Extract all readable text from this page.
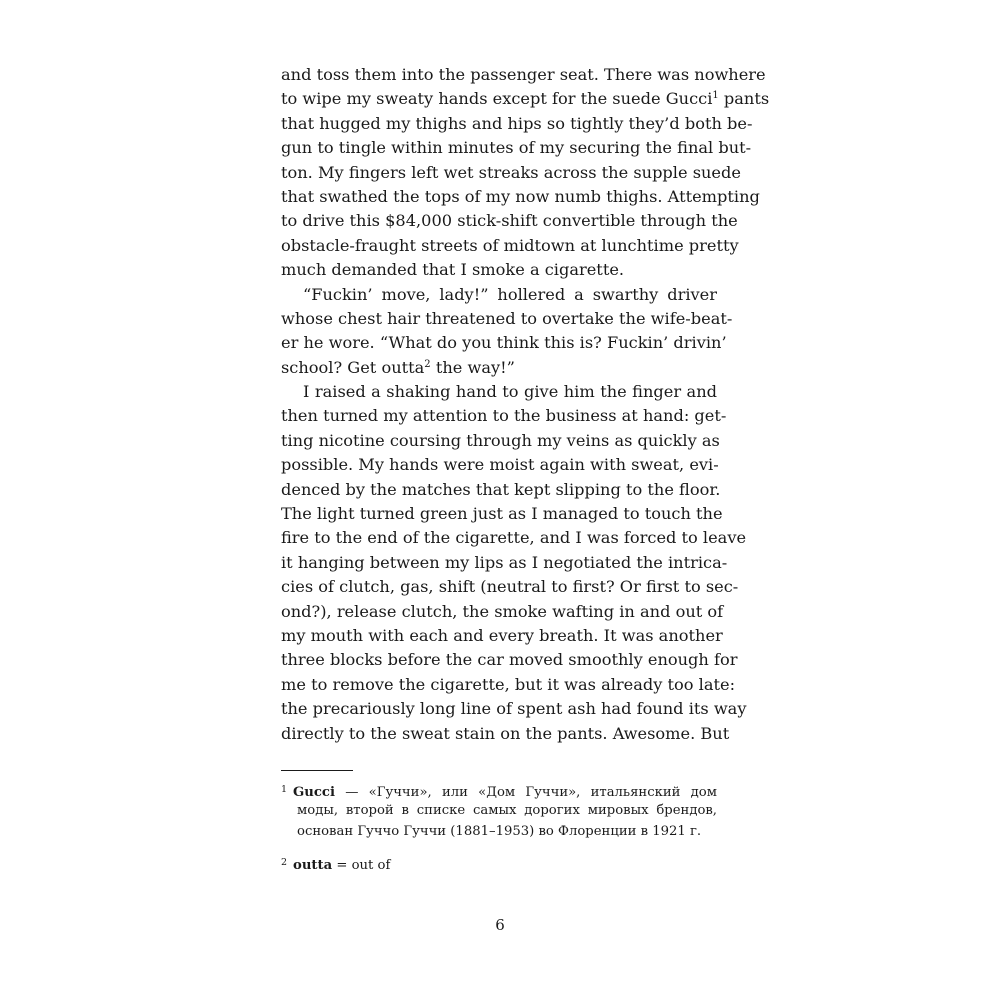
and toss them into the passenger seat. There was nowhere
to wipe my sweaty hands except for the suede Gucci$^1$ pants
that hugged my thighs and hips so tightly they’d both be-
gun to tingle within minutes of my securing the final but-
ton. My fingers left wet streaks across the supple suede
that swathed the tops of my now numb thighs. Attempting
to drive this $84,000 stick-shift convertible through the
obstacle-fraught streets of midtown at lunchtime pretty
much demanded that I smoke a cigarette.
“Fuckin’ move, lady!” hollered a swarthy driver
whose chest hair threatened to overtake the wife-beat-
er he wore. “What do you think this is? Fuckin’ drivin’
school? Get outta$^2$ the way!”
I raised a shaking hand to give him the finger and
then turned my attention to the business at hand: get-
ting nicotine coursing through my veins as quickly as
possible. My hands were moist again with sweat, evi-
denced by the matches that kept slipping to the floor.
The light turned green just as I managed to touch the
fire to the end of the cigarette, and I was forced to leave
it hanging between my lips as I negotiated the intrica-
cies of clutch, gas, shift (neutral to first? Or first to sec-
ond?), release clutch, the smoke wafting in and out of
my mouth with each and every breath. It was another
three blocks before the car moved smoothly enough for
me to remove the cigarette, but it was already too late:
the precariously long line of spent ash had found its way
directly to the sweat stain on the pants. Awesome. But
$^1$ Gucci — «Гуччи», или «Дом Гуччи», итальянский дом
моды, второй в списке самых дорогих мировых брендов,
основан Гуччо Гуччи (1881–1953) во Флоренции в 1921 г.
$^2$ outta = out of
6
